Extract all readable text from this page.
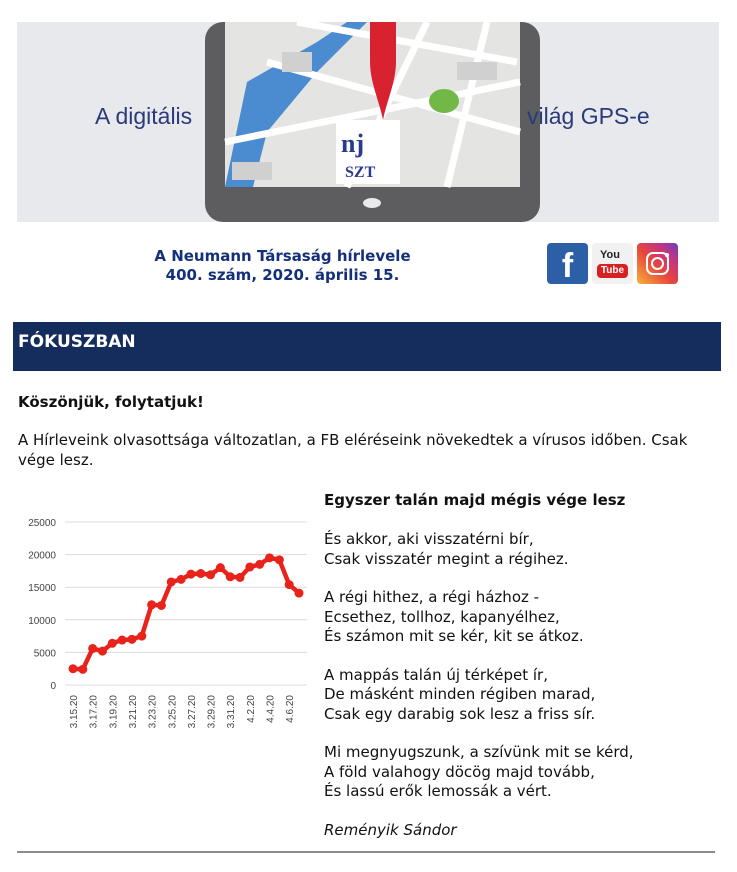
nj
SZT
A digitális	világ GPS-e
A Neumann Társaság hírlevele
400. szám, 2020. április 15.	f	You
Tube
FÓKUSZBAN
Köszönjük, folytatjuk!
A Hírleveink olvasottsága változatlan, a FB eléréseink növekedtek a vírusos időben. Csak vége lesz.
0
5000
10000
15000
20000
25000
3.15.20 3.17.20 3.19.20 3.21.20 3.23.20 3.25.20 3.27.20 3.29.20 3.31.20 4.2.20 4.4.20 4.6.20
Egyszer talán majd mégis vége lesz
És akkor, aki visszatérni bír,
Csak visszatér megint a régihez.
A régi hithez, a régi házhoz -
Ecsethez, tollhoz, kapanyélhez,
És számon mit se kér, kit se átkoz.
A mappás talán új térképet ír,
De másként minden régiben marad,
Csak egy darabig sok lesz a friss sír.
Mi megnyugszunk, a szívünk mit se kérd,
A föld valahogy döcög majd tovább,
És lassú erők lemossák a vért.
Reményik Sándor
